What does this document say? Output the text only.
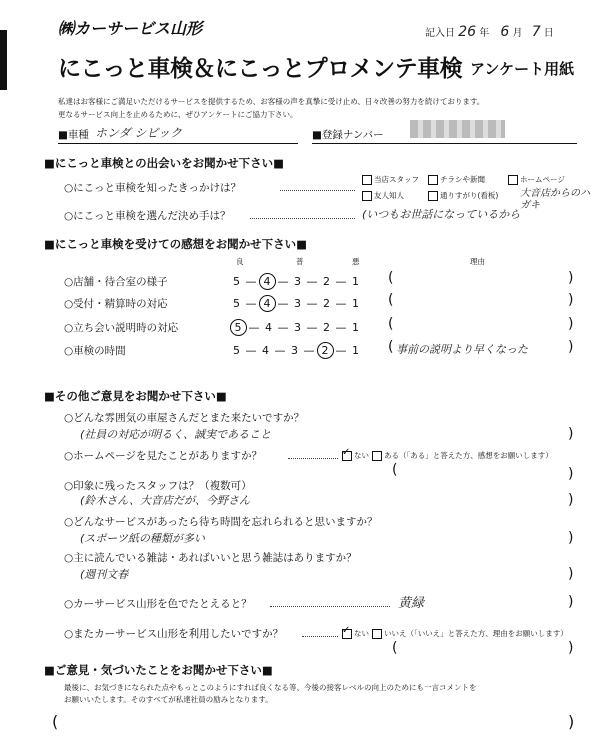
㈱カーサービス山形	記入日 26 年 6 月 7 日
にこっと車検＆にこっとプロメンテ車検 アンケート用紙
私達はお客様にご満足いただけるサービスを提供するため、お客様の声を真摯に受け止め、日々改善の努力を続けております。
更なるサービス向上を止めるために、ぜひアンケートにご協力下さい。
■車種 ホンダ シビック	■登録ナンバー
■にこっと車検との出会いをお聞かせ下さい■
○にこっと車検を知ったきっかけは？
当店スタッフ	チラシや新聞	ホームページ
友人知人	通りすがり(看板) 大音店からのハガキ
○にこっと車検を選んだ決め手は？	(いつもお世話になっているから
■にこっと車検を受けての感想をお聞かせ下さい■
良	普	悪	理由
○店舗・待合室の様子	5 — 4 — 3 — 2 — 1 (	)
○受付・精算時の対応	5 — 4 — 3 — 2 — 1 (	)
○立ち会い説明時の対応	5 — 4 — 3 — 2 — 1 (	)
○車検の時間	5 — 4 — 3 — 2 — 1 ( 事前の説明より早くなった	)
■その他ご意見をお聞かせ下さい■
○どんな雰囲気の車屋さんだとまた来たいですか？
(社員の対応が明るく、誠実であること	)
○ホームページを見たことがありますか？ ✓	ない	ある（「ある」と答えた方、感想をお願いします）
(	)
○印象に残ったスタッフは？（複数可）
(鈴木さん、大音店だが、今野さん	)
○どんなサービスがあったら待ち時間を忘れられると思いますか？
(スポーツ紙の種類が多い	)
○主に読んでいる雑誌・あればいいと思う雑誌はありますか？
(週刊文春	)
○カーサービス山形を色でたとえると？	黄緑	)
○またカーサービス山形を利用したいですか？ ✓	ない	いいえ（「いいえ」と答えた方、理由をお願いします）
(	)
■ご意見・気づいたことをお聞かせ下さい■
最後に、お気づきになられた点やもっとこのようにすれば良くなる等、今後の接客レベルの向上のためにも一言コメントを
お願いいたします。そのすべてが私達社員の励みとなります。
(	)
